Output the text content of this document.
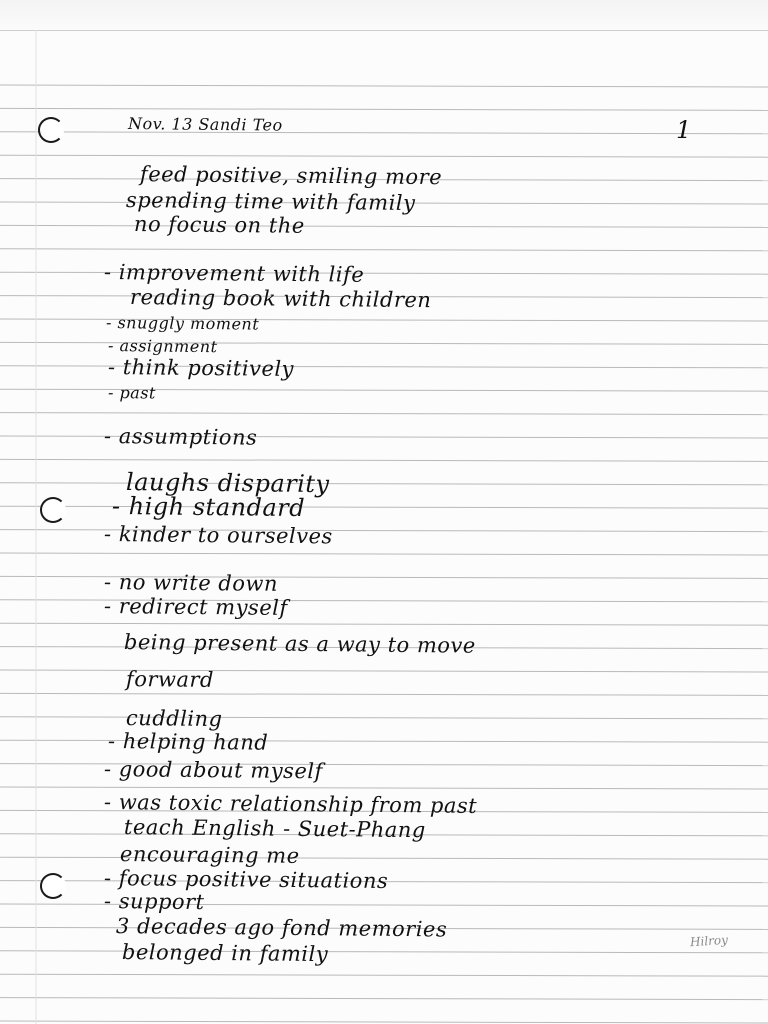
Nov. 13 Sandi Teo	1
feed positive, smiling more
spending time with family
no focus on the
- improvement with life
reading book with children
- snuggly moment
- assignment
- think positively
- past
- assumptions
laughs disparity
- high standard
- kinder to ourselves
- no write down
- redirect myself
being present as a way to move
forward
cuddling
- helping hand
- good about myself
- was toxic relationship from past
teach English - Suet-Phang
encouraging me
- focus positive situations
- support
3 decades ago fond memories
belonged in family	Hilroy
